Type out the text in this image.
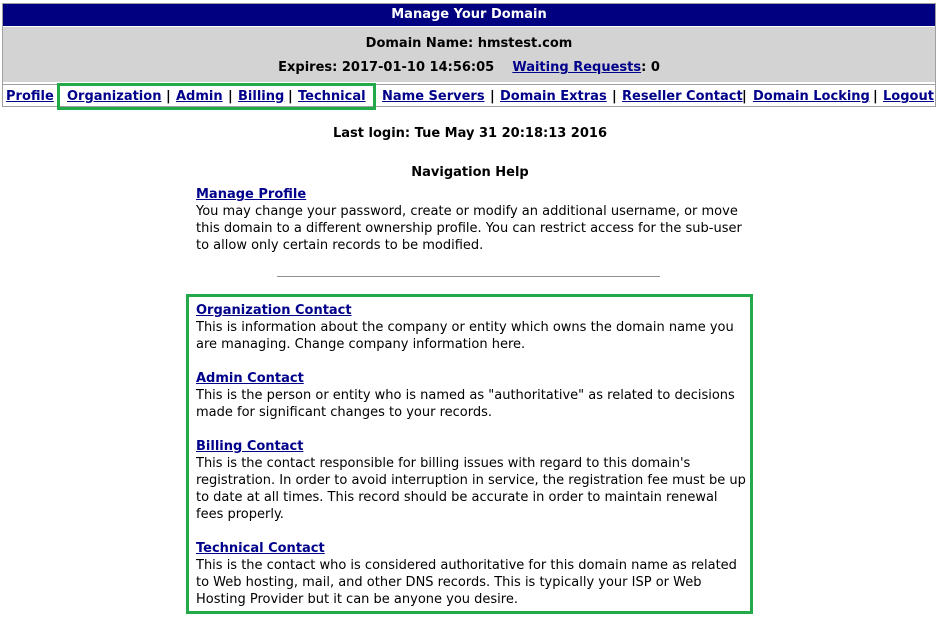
Manage Your Domain
Domain Name: hmstest.com
Expires: 2017-01-10 14:56:05 Waiting Requests: 0
Profile Organization | Admin | Billing | Technical Name Servers | Domain Extras | Reseller Contact | Domain Locking | Logout
Last login: Tue May 31 20:18:13 2016
Navigation Help
Manage Profile
You may change your password, create or modify an additional username, or move this domain to a different ownership profile. You can restrict access for the sub-user to allow only certain records to be modified.
Organization Contact
This is information about the company or entity which owns the domain name you are managing. Change company information here.
Admin Contact
This is the person or entity who is named as "authoritative" as related to decisions made for significant changes to your records.
Billing Contact
This is the contact responsible for billing issues with regard to this domain's registration. In order to avoid interruption in service, the registration fee must be up to date at all times. This record should be accurate in order to maintain renewal fees properly.
Technical Contact
This is the contact who is considered authoritative for this domain name as related to Web hosting, mail, and other DNS records. This is typically your ISP or Web Hosting Provider but it can be anyone you desire.
